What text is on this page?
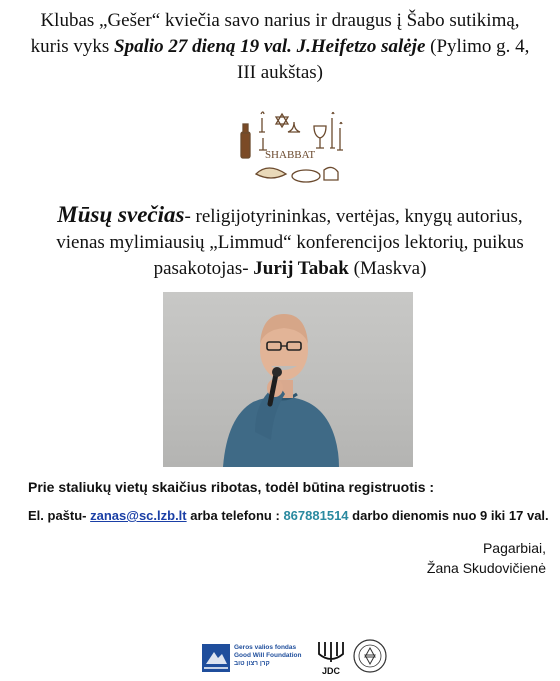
Klubas „Gešer“ kviečia savo narius ir draugus į Šabo sutikimą,
kuris vyks Spalio 27 dieną 19 val. J.Heifetzo salėje (Pylimo g. 4,
III aukštas)
SHABBAT
Mūsų svečias- religijotyrininkas, vertėjas, knygų autorius,
vienas mylimiausių „Limmud“ konferencijos lektorių, puikus
pasakotojas- Jurij Tabak (Maskva)
Prie staliukų vietų skaičius ribotas, todėl būtina registruotis :
El. paštu- zanas@sc.lzb.lt arba telefonu : 867881514 darbo dienomis nuo 9 iki 17 val.
Pagarbiai,
Žana Skudovičienė
Geros valios fondas
Good Will Foundation
קרן רצון טוב
JDC
